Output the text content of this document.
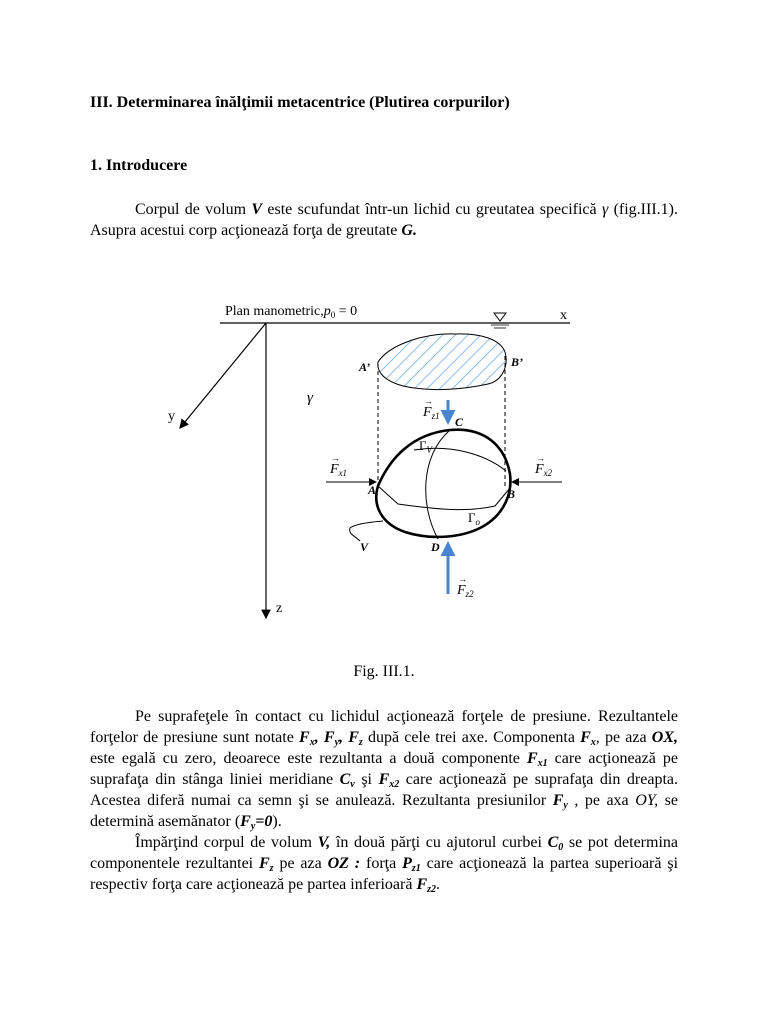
III. Determinarea înălţimii metacentrice (Plutirea corpurilor)
1. Introducere
Corpul de volum V este scufundat într-un lichid cu greutatea specifică γ (fig.III.1). Asupra acestui corp acţionează forţa de greutate G.
Plan $manometric,p_0 = 0$	x
y
z
γ
A’	B’
C
D
A	B
$\Gamma_V$
$\Gamma_o$
V
$F_{x1}$
→
$F_{x2}$
→
$F_{z1}$
→
$F_{z2}$
→
Fig. III.1.
Pe suprafeţele în contact cu lichidul acţionează forţele de presiune. Rezultantele forţelor de presiune sunt notate $F_x$, $F_y$, $F_z$ după cele trei axe. Componenta $F_x$, pe aza OX, este egală cu zero, deoarece este rezultanta a două componente $F_{x1}$ care acţionează pe suprafaţa din stânga liniei meridiane $C_v$ şi $F_{x2}$ care acţionează pe suprafaţa din dreapta. Acestea diferă numai ca semn şi se anulează. Rezultanta presiunilor $F_y$ , pe axa OY, se determină asemănator $(F_y=0)$.
Împărţind corpul de volum V, în două părţi cu ajutorul curbei $C_0$ se pot determina componentele rezultantei $F_z$ pe aza OZ : forţa $P_{z1}$ care acţionează la partea superioară şi respectiv forţa care acţionează pe partea inferioară $F_{z2}$.
